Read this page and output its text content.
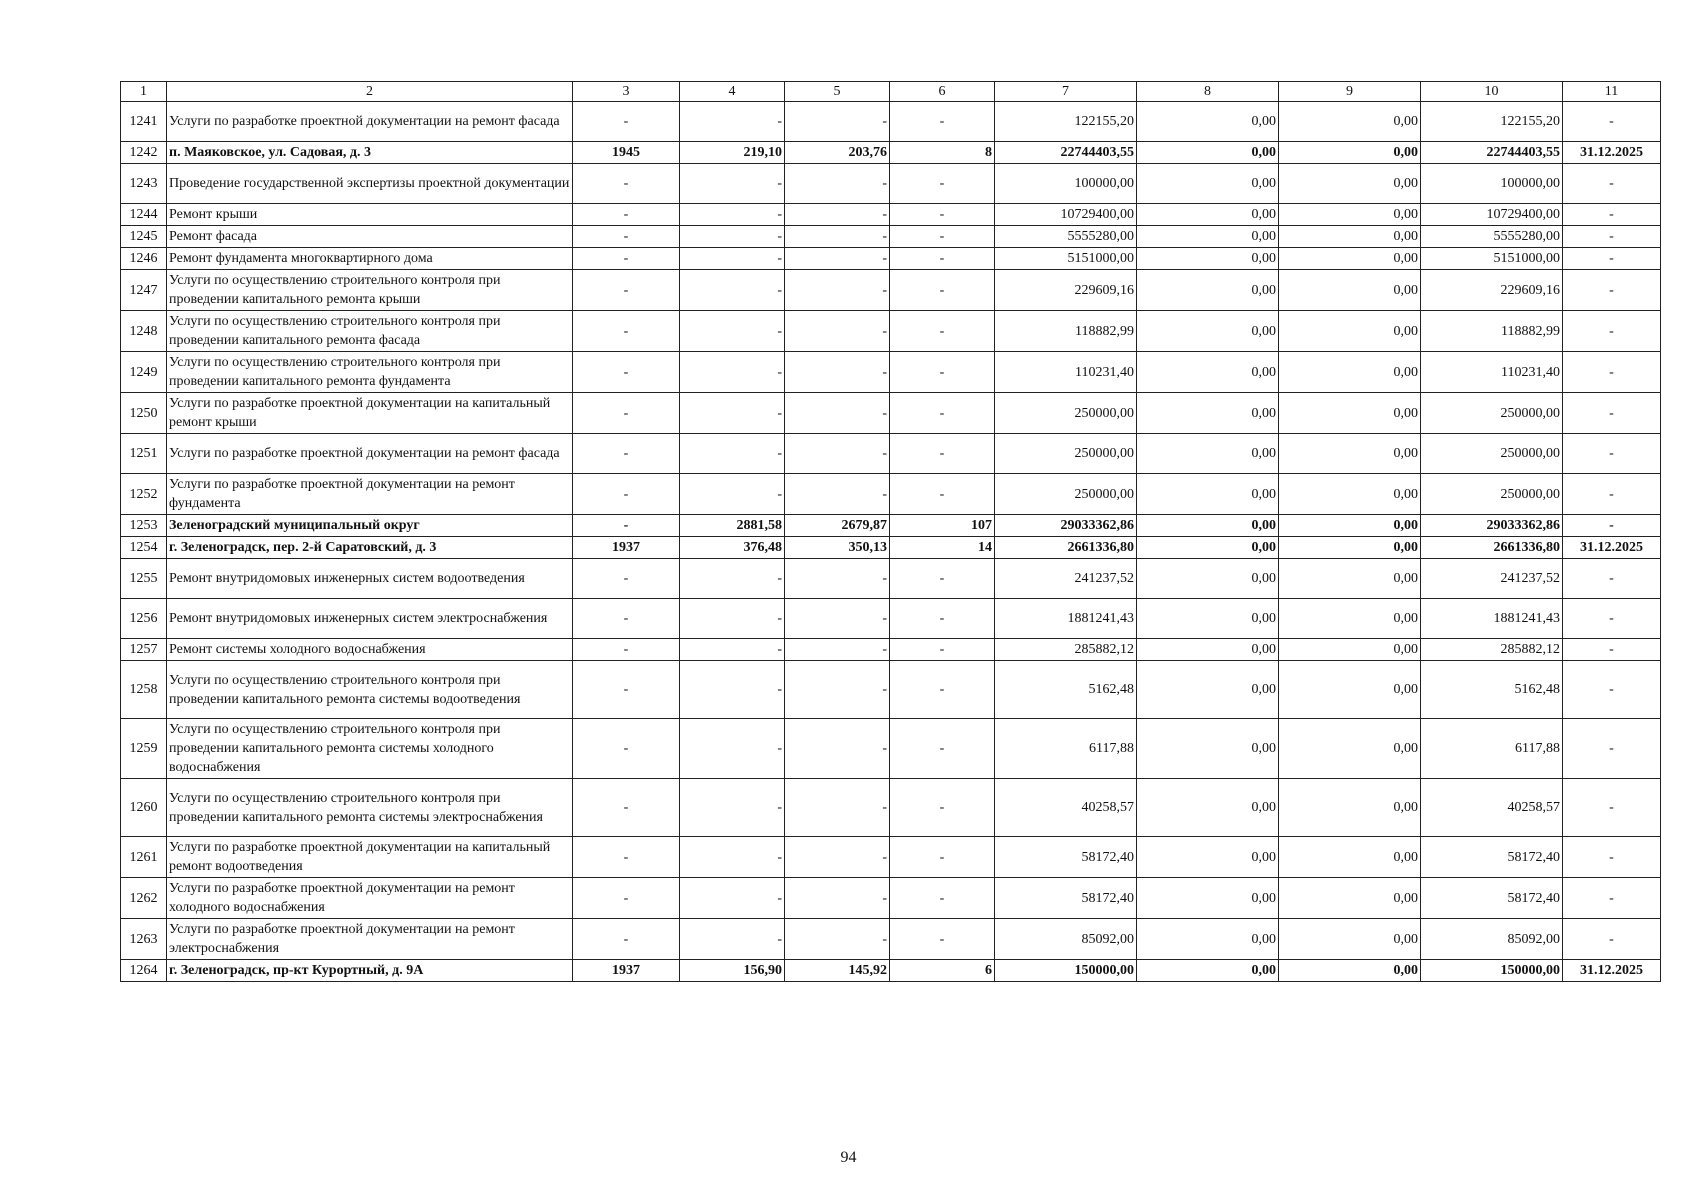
1	2	3	4	5	6	7	8	9	10	11
1241	Услуги по разработке проектной документации на ремонт фасада	-	-	-	-	122155,20	0,00	0,00	122155,20	-
1242	п. Маяковское, ул. Садовая, д. 3	1945	219,10	203,76	8	22744403,55	0,00	0,00	22744403,55	31.12.2025
1243	Проведение государственной экспертизы проектной документации	-	-	-	-	100000,00	0,00	0,00	100000,00	-
1244	Ремонт крыши	-	-	-	-	10729400,00	0,00	0,00	10729400,00	-
1245	Ремонт фасада	-	-	-	-	5555280,00	0,00	0,00	5555280,00	-
1246	Ремонт фундамента многоквартирного дома	-	-	-	-	5151000,00	0,00	0,00	5151000,00	-
1247	Услуги по осуществлению строительного контроля при проведении капитального ремонта крыши	-	-	-	-	229609,16	0,00	0,00	229609,16	-
1248	Услуги по осуществлению строительного контроля при проведении капитального ремонта фасада	-	-	-	-	118882,99	0,00	0,00	118882,99	-
1249	Услуги по осуществлению строительного контроля при проведении капитального ремонта фундамента	-	-	-	-	110231,40	0,00	0,00	110231,40	-
1250	Услуги по разработке проектной документации на капитальный ремонт крыши	-	-	-	-	250000,00	0,00	0,00	250000,00	-
1251	Услуги по разработке проектной документации на ремонт фасада	-	-	-	-	250000,00	0,00	0,00	250000,00	-
1252	Услуги по разработке проектной документации на ремонт фундамента	-	-	-	-	250000,00	0,00	0,00	250000,00	-
1253	Зеленоградский муниципальный округ	-	2881,58	2679,87	107	29033362,86	0,00	0,00	29033362,86	-
1254	г. Зеленоградск, пер. 2-й Саратовский, д. 3	1937	376,48	350,13	14	2661336,80	0,00	0,00	2661336,80	31.12.2025
1255	Ремонт внутридомовых инженерных систем водоотведения	-	-	-	-	241237,52	0,00	0,00	241237,52	-
1256	Ремонт внутридомовых инженерных систем электроснабжения	-	-	-	-	1881241,43	0,00	0,00	1881241,43	-
1257	Ремонт системы холодного водоснабжения	-	-	-	-	285882,12	0,00	0,00	285882,12	-
1258	Услуги по осуществлению строительного контроля при проведении капитального ремонта системы водоотведения	-	-	-	-	5162,48	0,00	0,00	5162,48	-
1259	Услуги по осуществлению строительного контроля при проведении капитального ремонта системы холодного водоснабжения	-	-	-	-	6117,88	0,00	0,00	6117,88	-
1260	Услуги по осуществлению строительного контроля при проведении капитального ремонта системы электроснабжения	-	-	-	-	40258,57	0,00	0,00	40258,57	-
1261	Услуги по разработке проектной документации на капитальный ремонт водоотведения	-	-	-	-	58172,40	0,00	0,00	58172,40	-
1262	Услуги по разработке проектной документации на ремонт холодного водоснабжения	-	-	-	-	58172,40	0,00	0,00	58172,40	-
1263	Услуги по разработке проектной документации на ремонт электроснабжения	-	-	-	-	85092,00	0,00	0,00	85092,00	-
1264	г. Зеленоградск, пр-кт Курортный, д. 9А	1937	156,90	145,92	6	150000,00	0,00	0,00	150000,00	31.12.2025
94
